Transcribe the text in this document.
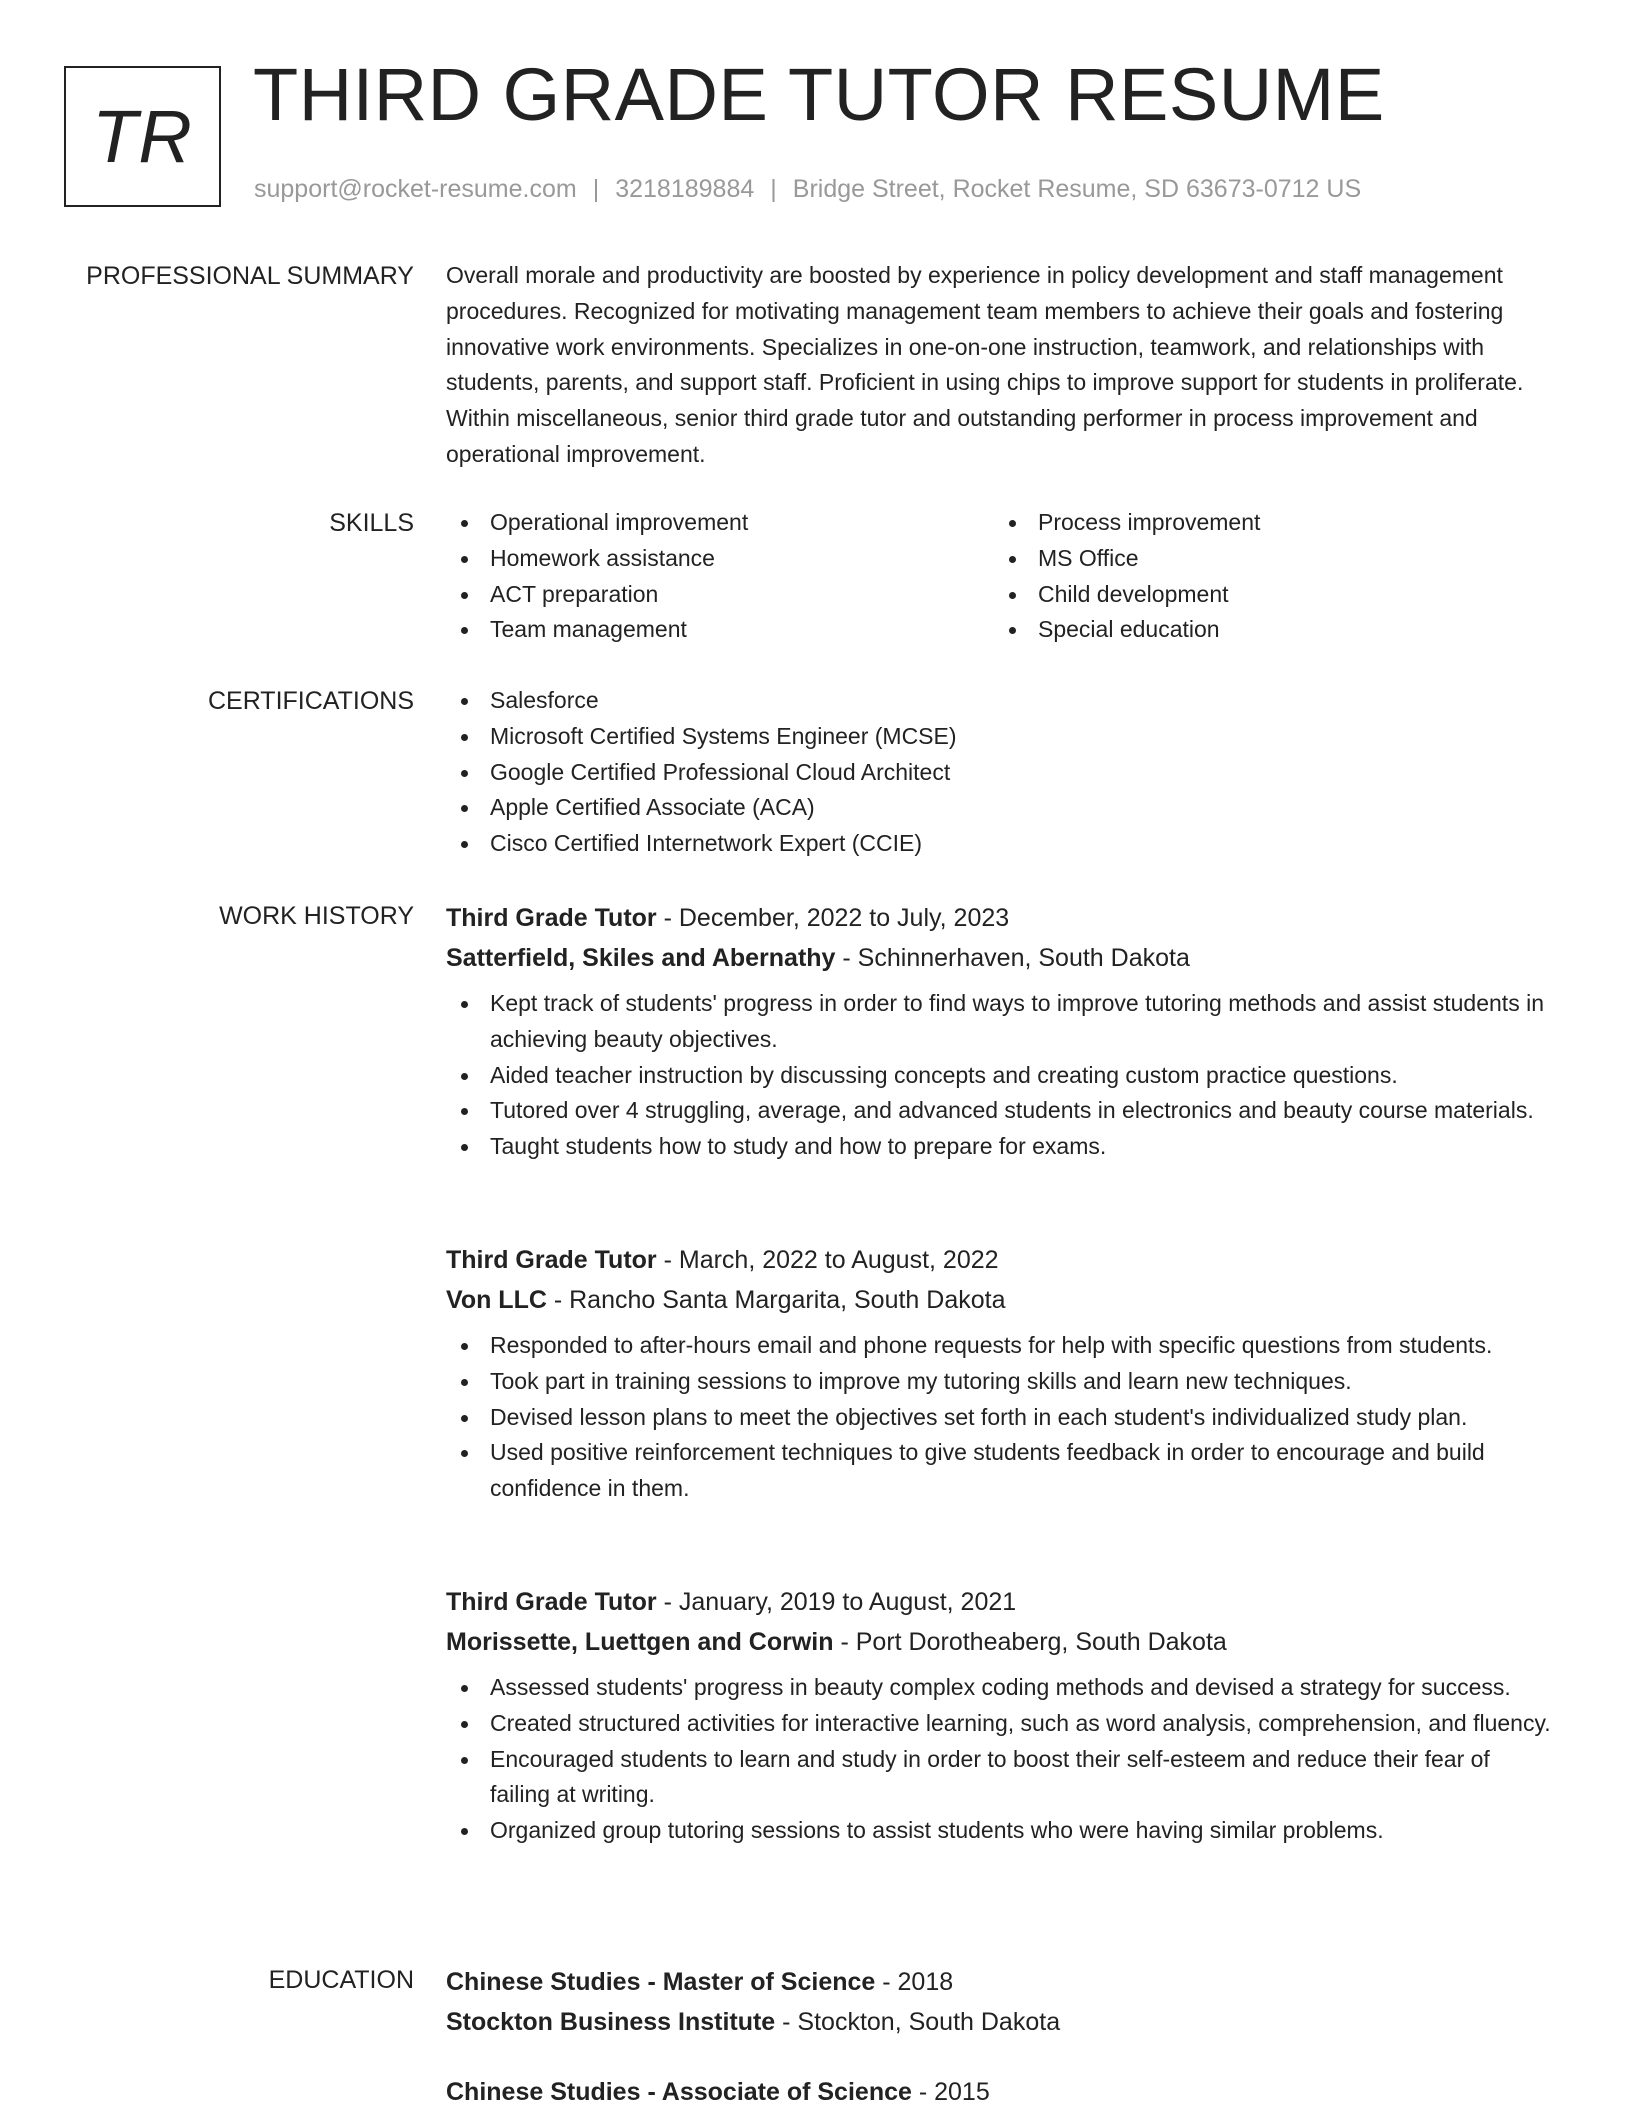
TR
THIRD GRADE TUTOR RESUME
support@rocket-resume.com | 3218189884 | Bridge Street, Rocket Resume, SD 63673-0712 US
PROFESSIONAL SUMMARY Overall morale and productivity are boosted by experience in policy development and staff management procedures. Recognized for motivating management team members to achieve their goals and fostering innovative work environments. Specializes in one-on-one instruction, teamwork, and relationships with students, parents, and support staff. Proficient in using chips to improve support for students in proliferate. Within miscellaneous, senior third grade tutor and outstanding performer in process improvement and operational improvement.

SKILLS	Operational improvement
Homework assistance
ACT preparation
Team management
Process improvement
MS Office
Child development
Special education
CERTIFICATIONS	Salesforce
Microsoft Certified Systems Engineer (MCSE)
Google Certified Professional Cloud Architect
Apple Certified Associate (ACA)
Cisco Certified Internetwork Expert (CCIE)
WORK HISTORY Third Grade Tutor - December, 2022 to July, 2023
Satterfield, Skiles and Abernathy - Schinnerhaven, South Dakota
Kept track of students' progress in order to find ways to improve tutoring methods and assist students in achieving beauty objectives.
Aided teacher instruction by discussing concepts and creating custom practice questions.
Tutored over 4 struggling, average, and advanced students in electronics and beauty course materials.
Taught students how to study and how to prepare for exams.
Third Grade Tutor - March, 2022 to August, 2022
Von LLC - Rancho Santa Margarita, South Dakota
Responded to after-hours email and phone requests for help with specific questions from students.
Took part in training sessions to improve my tutoring skills and learn new techniques.
Devised lesson plans to meet the objectives set forth in each student's individualized study plan.
Used positive reinforcement techniques to give students feedback in order to encourage and build confidence in them.
Third Grade Tutor - January, 2019 to August, 2021
Morissette, Luettgen and Corwin - Port Dorotheaberg, South Dakota
Assessed students' progress in beauty complex coding methods and devised a strategy for success.
Created structured activities for interactive learning, such as word analysis, comprehension, and fluency.
Encouraged students to learn and study in order to boost their self-esteem and reduce their fear of failing at writing.
Organized group tutoring sessions to assist students who were having similar problems.
EDUCATION Chinese Studies - Master of Science - 2018
Stockton Business Institute - Stockton, South Dakota
Chinese Studies - Associate of Science - 2015
